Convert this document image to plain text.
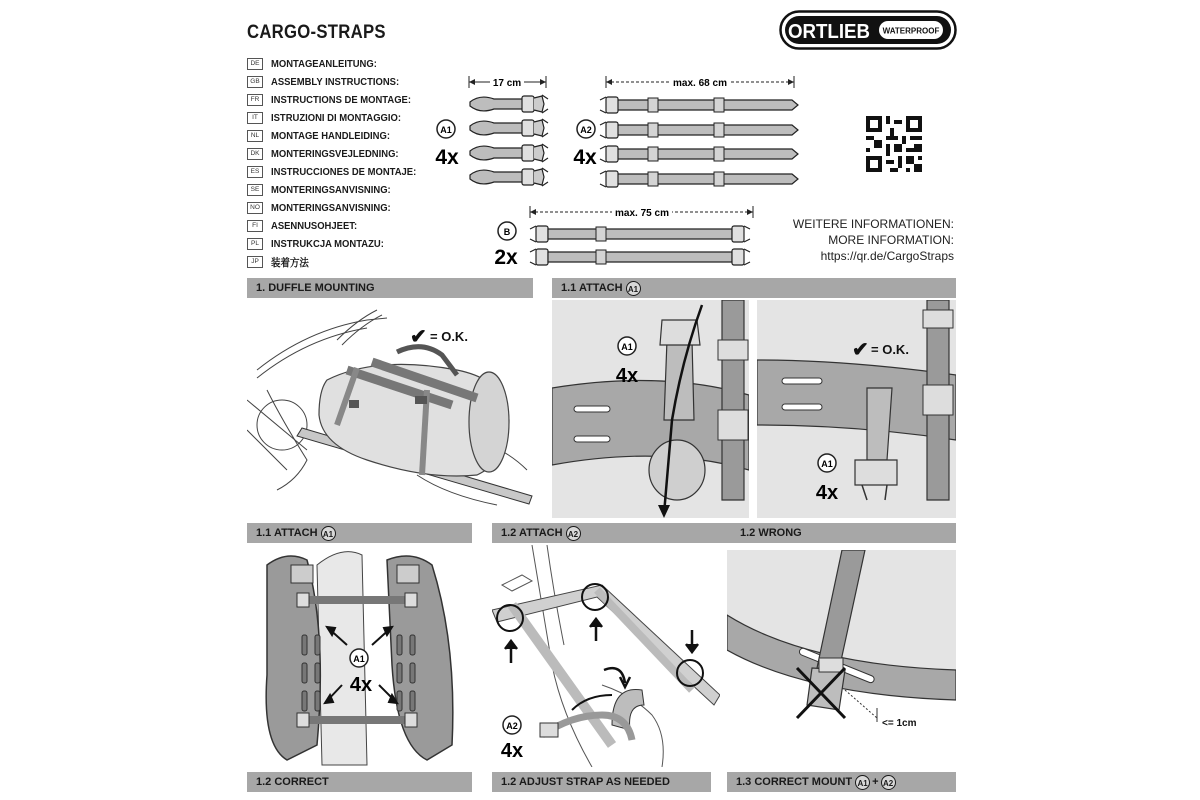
CARGO-STRAPS	ORTLIEB WATERPROOF
DE	MONTAGEANLEITUNG:
GB	ASSEMBLY INSTRUCTIONS:
FR	INSTRUCTIONS DE MONTAGE:
IT	ISTRUZIONI DI MONTAGGIO:
NL	MONTAGE HANDLEIDING:
DK	MONTERINGSVEJLEDNING:
ES	INSTRUCCIONES DE MONTAJE:
SE	MONTERINGSANVISNING:
NO MONTERINGSANVISNING:
FI	ASENNUSOHJEET:
PL	INSTRUKCJA MONTAZU:
JP	装着方法
17 cm
A1
4x
max. 68 cm
A2
4x
max. 75 cm
B
2x
WEITERE INFORMATIONEN:
MORE INFORMATION:
https://qr.de/CargoStraps
1. DUFFLE MOUNTING	1.1 ATTACH A1
✔ = O.K.
A1
4x
✔ = O.K.
A1
4x
1.1 ATTACH A1	1.2 ATTACH A2	1.2 WRONG
A1
4x
A2
4x
<= 1cm
1.2 CORRECT	1.2 ADJUST STRAP AS NEEDED	1.3 CORRECT MOUNT A1 + A2
